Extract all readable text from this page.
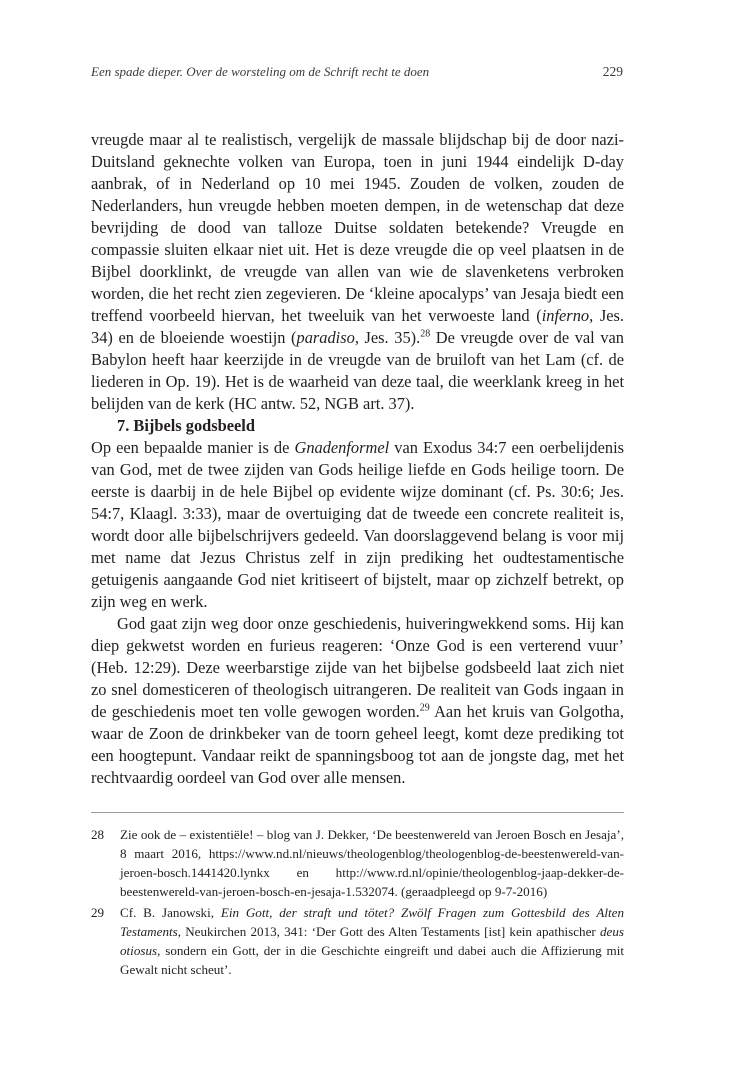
Een spade dieper. Over de worsteling om de Schrift recht te doen	229

vreugde maar al te realistisch, vergelijk de massale blijdschap bij de door nazi-Duitsland geknechte volken van Europa, toen in juni 1944 eindelijk D-day aanbrak, of in Nederland op 10 mei 1945. Zouden de volken, zouden de Nederlanders, hun vreugde hebben moeten dempen, in de wetenschap dat deze bevrijding de dood van talloze Duitse soldaten betekende? Vreugde en compassie sluiten elkaar niet uit. Het is deze vreugde die op veel plaatsen in de Bijbel doorklinkt, de vreugde van allen van wie de slavenketens verbroken worden, die het recht zien zegevieren. De ‘kleine apocalyps’ van Jesaja biedt een treffend voorbeeld hiervan, het tweeluik van het verwoeste land (inferno, Jes. 34) en de bloeiende woestijn (paradiso, Jes. 35).$^{28}$ De vreugde over de val van Babylon heeft haar keerzijde in de vreugde van de bruiloft van het Lam (cf. de liederen in Op. 19). Het is de waarheid van deze taal, die weerklank kreeg in het belijden van de kerk (HC antw. 52, NGB art. 37).

7. Bijbels godsbeeld

Op een bepaalde manier is de Gnadenformel van Exodus 34:7 een oerbelijdenis van God, met de twee zijden van Gods heilige liefde en Gods heilige toorn. De eerste is daarbij in de hele Bijbel op evidente wijze dominant (cf. Ps. 30:6; Jes. 54:7, Klaagl. 3:33), maar de overtuiging dat de tweede een concrete realiteit is, wordt door alle bijbelschrijvers gedeeld. Van doorslaggevend belang is voor mij met name dat Jezus Christus zelf in zijn prediking het oudtestamentische getuigenis aangaande God niet kritiseert of bijstelt, maar op zichzelf betrekt, op zijn weg en werk.

God gaat zijn weg door onze geschiedenis, huiveringwekkend soms. Hij kan diep gekwetst worden en furieus reageren: ‘Onze God is een verterend vuur’ (Heb. 12:29). Deze weerbarstige zijde van het bijbelse godsbeeld laat zich niet zo snel domesticeren of theologisch uitrangeren. De realiteit van Gods ingaan in de geschiedenis moet ten volle gewogen worden.$^{29}$ Aan het kruis van Golgotha, waar de Zoon de drinkbeker van de toorn geheel leegt, komt deze prediking tot een hoogtepunt. Vandaar reikt de spanningsboog tot aan de jongste dag, met het rechtvaardig oordeel van God over alle mensen.

28 Zie ook de – existentiële! – blog van J. Dekker, ‘De beestenwereld van Jeroen Bosch en Jesaja’, 8 maart 2016, https://www.nd.nl/nieuws/theologenblog/theologenblog-de-beestenwereld-van-jeroen-bosch.1441420.lynkx en http://www.rd.nl/opinie/theologenblog-jaap-dekker-de-beestenwereld-van-jeroen-bosch-en-jesaja-1.532074. (geraadpleegd op 9-7-2016)
29 Cf. B. Janowski, Ein Gott, der straft und tötet? Zwölf Fragen zum Gottesbild des Alten Testaments, Neukirchen 2013, 341: ‘Der Gott des Alten Testaments [ist] kein apathischer deus otiosus, sondern ein Gott, der in die Geschichte eingreift und dabei auch die Affizierung mit Gewalt nicht scheut’.
